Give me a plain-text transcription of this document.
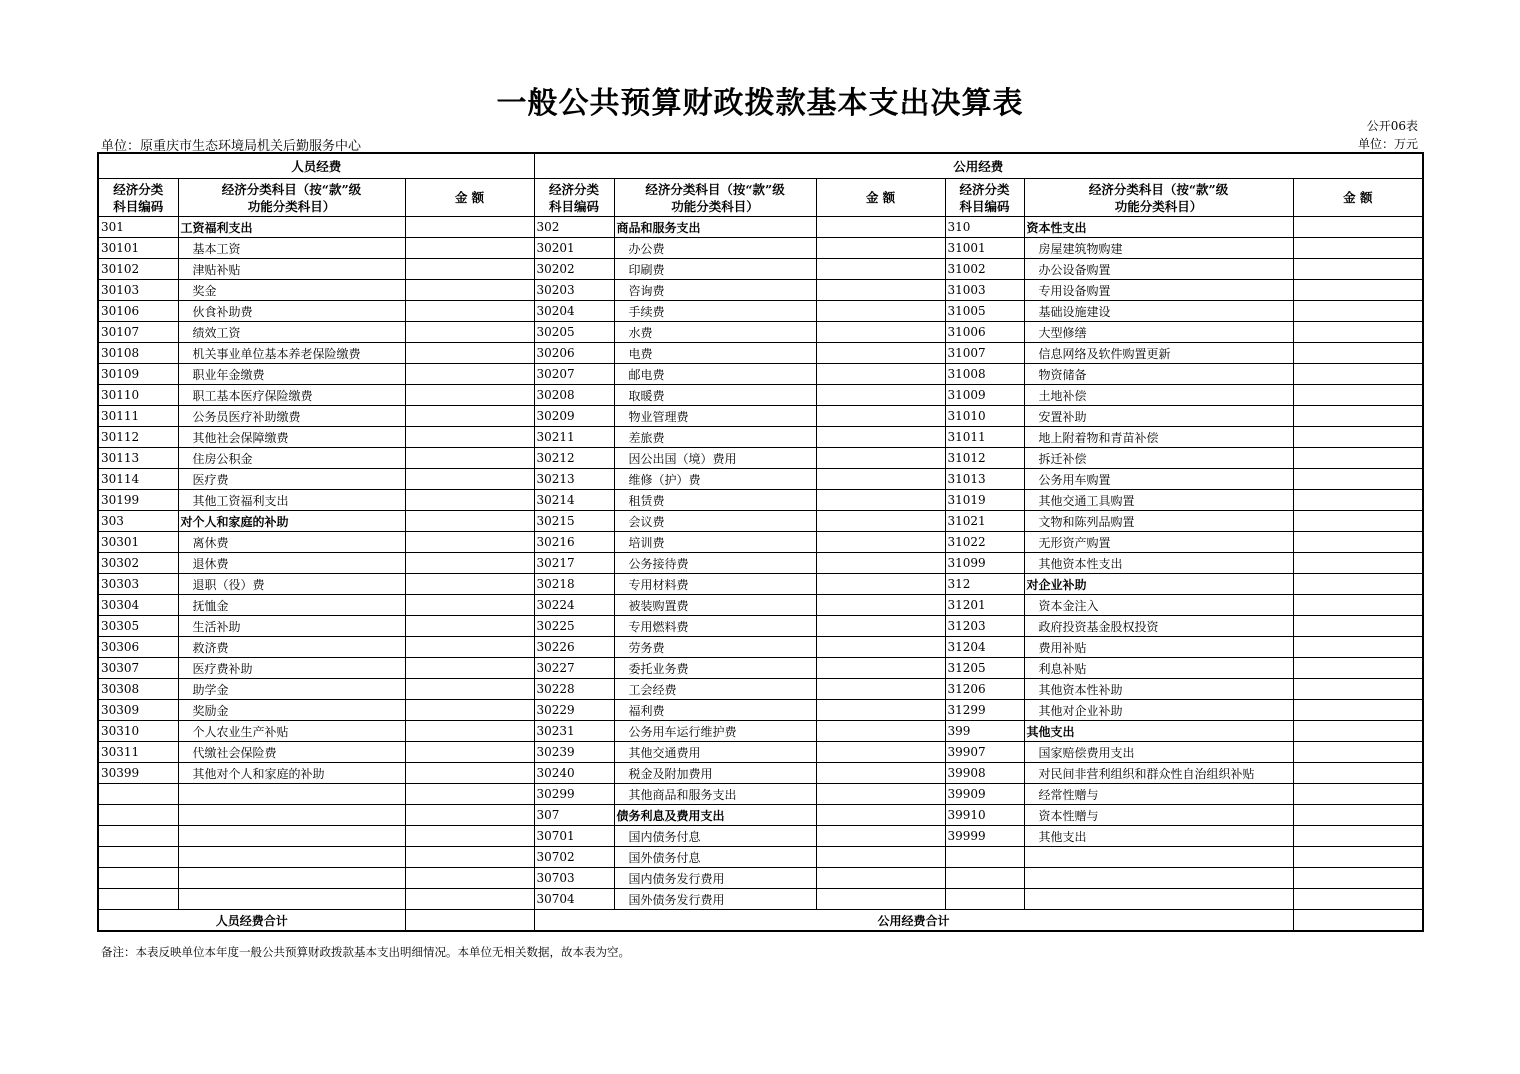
一般公共预算财政拨款基本支出决算表
公开06表
单位：原重庆市生态环境局机关后勤服务中心	单位：万元
人员经费			公用经费					
经济分类
科目编码	经济分类科目（按“款”级
功能分类科目）	金 额	经济分类
科目编码	经济分类科目（按“款”级
功能分类科目）	金 额	经济分类
科目编码	经济分类科目（按“款”级
功能分类科目）	金 额
301	工资福利支出		302	商品和服务支出		310	资本性支出	
30101	基本工资		30201	办公费		31001	房屋建筑物购建	
30102	津贴补贴		30202	印刷费		31002	办公设备购置	
30103	奖金		30203	咨询费		31003	专用设备购置	
30106	伙食补助费		30204	手续费		31005	基础设施建设	
30107	绩效工资		30205	水费		31006	大型修缮	
30108	机关事业单位基本养老保险缴费		30206	电费		31007	信息网络及软件购置更新	
30109	职业年金缴费		30207	邮电费		31008	物资储备	
30110	职工基本医疗保险缴费		30208	取暖费		31009	土地补偿	
30111	公务员医疗补助缴费		30209	物业管理费		31010	安置补助	
30112	其他社会保障缴费		30211	差旅费		31011	地上附着物和青苗补偿	
30113	住房公积金		30212	因公出国（境）费用		31012	拆迁补偿	
30114	医疗费		30213	维修（护）费		31013	公务用车购置	
30199	其他工资福利支出		30214	租赁费		31019	其他交通工具购置	
303	对个人和家庭的补助		30215	会议费		31021	文物和陈列品购置	
30301	离休费		30216	培训费		31022	无形资产购置	
30302	退休费		30217	公务接待费		31099	其他资本性支出	
30303	退职（役）费		30218	专用材料费		312	对企业补助	
30304	抚恤金		30224	被装购置费		31201	资本金注入	
30305	生活补助		30225	专用燃料费		31203	政府投资基金股权投资	
30306	救济费		30226	劳务费		31204	费用补贴	
30307	医疗费补助		30227	委托业务费		31205	利息补贴	
30308	助学金		30228	工会经费		31206	其他资本性补助	
30309	奖励金		30229	福利费		31299	其他对企业补助	
30310	个人农业生产补贴		30231	公务用车运行维护费		399	其他支出	
30311	代缴社会保险费		30239	其他交通费用		39907	国家赔偿费用支出	
30399	其他对个人和家庭的补助		30240	税金及附加费用		39908	对民间非营利组织和群众性自治组织补贴	
			30299	其他商品和服务支出		39909	经常性赠与	
			307	债务利息及费用支出		39910	资本性赠与	
			30701	国内债务付息		39999	其他支出	
			30702	国外债务付息				
			30703	国内债务发行费用				
			30704	国外债务发行费用				
人员经费合计			公用经费合计					
备注：本表反映单位本年度一般公共预算财政拨款基本支出明细情况。本单位无相关数据，故本表为空。
